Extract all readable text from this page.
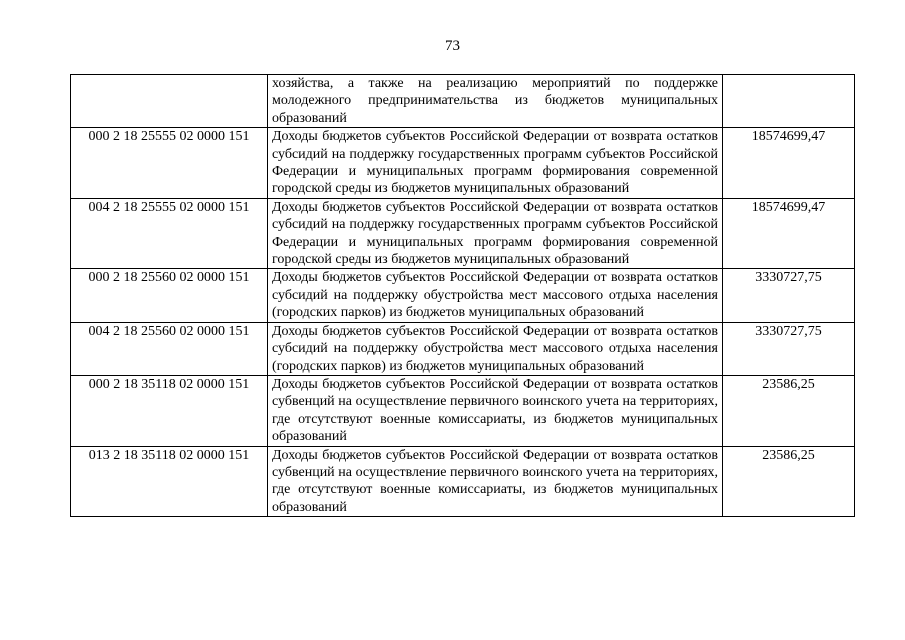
73
	хозяйства, а также на реализацию мероприятий по поддержке молодежного предпринимательства из бюджетов муниципальных образований	
000 2 18 25555 02 0000 151	Доходы бюджетов субъектов Российской Федерации от возврата остатков субсидий на поддержку государственных программ субъектов Российской Федерации и муниципальных программ формирования современной городской среды из бюджетов муниципальных образований	18574699,47
004 2 18 25555 02 0000 151	Доходы бюджетов субъектов Российской Федерации от возврата остатков субсидий на поддержку государственных программ субъектов Российской Федерации и муниципальных программ формирования современной городской среды из бюджетов муниципальных образований	18574699,47
000 2 18 25560 02 0000 151	Доходы бюджетов субъектов Российской Федерации от возврата остатков субсидий на поддержку обустройства мест массового отдыха населения (городских парков) из бюджетов муниципальных образований	3330727,75
004 2 18 25560 02 0000 151	Доходы бюджетов субъектов Российской Федерации от возврата остатков субсидий на поддержку обустройства мест массового отдыха населения (городских парков) из бюджетов муниципальных образований	3330727,75
000 2 18 35118 02 0000 151	Доходы бюджетов субъектов Российской Федерации от возврата остатков субвенций на осуществление первичного воинского учета на территориях, где отсутствуют военные комиссариаты, из бюджетов муниципальных образований	23586,25
013 2 18 35118 02 0000 151	Доходы бюджетов субъектов Российской Федерации от возврата остатков субвенций на осуществление первичного воинского учета на территориях, где отсутствуют военные комиссариаты, из бюджетов муниципальных образований	23586,25
